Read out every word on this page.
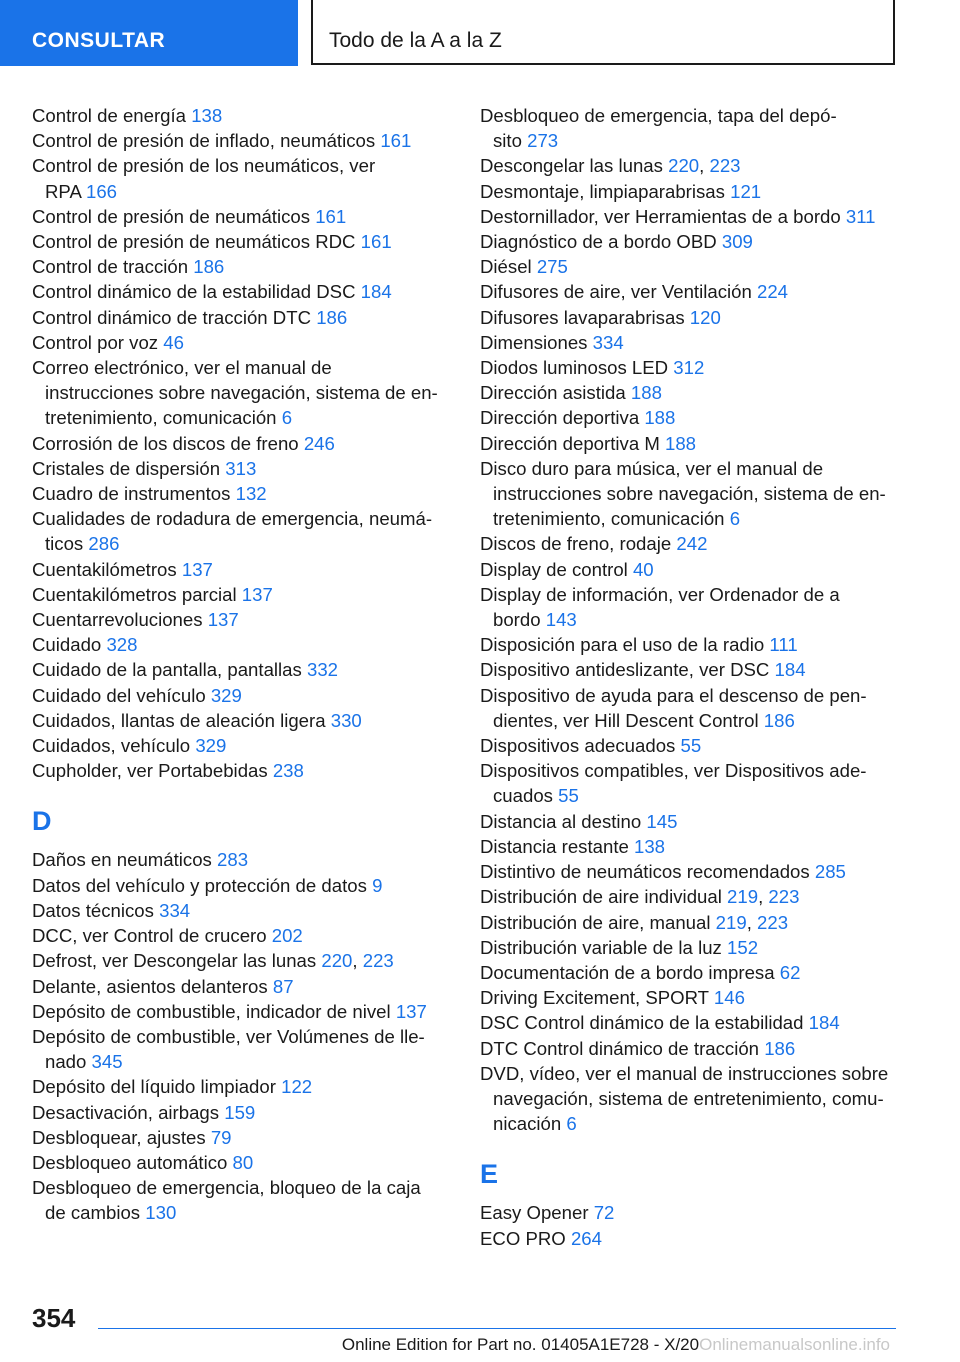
CONSULTAR	Todo de la A a la Z
Control de energía 138
Control de presión de inflado, neumáticos 161
Control de presión de los neumáticos, ver
RPA 166
Control de presión de neumáticos 161
Control de presión de neumáticos RDC 161
Control de tracción 186
Control dinámico de la estabilidad DSC 184
Control dinámico de tracción DTC 186
Control por voz 46
Correo electrónico, ver el manual de
instrucciones sobre navegación, sistema de en-
tretenimiento, comunicación 6
Corrosión de los discos de freno 246
Cristales de dispersión 313
Cuadro de instrumentos 132
Cualidades de rodadura de emergencia, neumá-
ticos 286
Cuentakilómetros 137
Cuentakilómetros parcial 137
Cuentarrevoluciones 137
Cuidado 328
Cuidado de la pantalla, pantallas 332
Cuidado del vehículo 329
Cuidados, llantas de aleación ligera 330
Cuidados, vehículo 329
Cupholder, ver Portabebidas 238
D
Daños en neumáticos 283
Datos del vehículo y protección de datos 9
Datos técnicos 334
DCC, ver Control de crucero 202
Defrost, ver Descongelar las lunas 220, 223
Delante, asientos delanteros 87
Depósito de combustible, indicador de nivel 137
Depósito de combustible, ver Volúmenes de lle-
nado 345
Depósito del líquido limpiador 122
Desactivación, airbags 159
Desbloquear, ajustes 79
Desbloqueo automático 80
Desbloqueo de emergencia, bloqueo de la caja
de cambios 130
Desbloqueo de emergencia, tapa del depó-
sito 273
Descongelar las lunas 220, 223
Desmontaje, limpiaparabrisas 121
Destornillador, ver Herramientas de a bordo 311
Diagnóstico de a bordo OBD 309
Diésel 275
Difusores de aire, ver Ventilación 224
Difusores lavaparabrisas 120
Dimensiones 334
Diodos luminosos LED 312
Dirección asistida 188
Dirección deportiva 188
Dirección deportiva M 188
Disco duro para música, ver el manual de
instrucciones sobre navegación, sistema de en-
tretenimiento, comunicación 6
Discos de freno, rodaje 242
Display de control 40
Display de información, ver Ordenador de a
bordo 143
Disposición para el uso de la radio 111
Dispositivo antideslizante, ver DSC 184
Dispositivo de ayuda para el descenso de pen-
dientes, ver Hill Descent Control 186
Dispositivos adecuados 55
Dispositivos compatibles, ver Dispositivos ade-
cuados 55
Distancia al destino 145
Distancia restante 138
Distintivo de neumáticos recomendados 285
Distribución de aire individual 219, 223
Distribución de aire, manual 219, 223
Distribución variable de la luz 152
Documentación de a bordo impresa 62
Driving Excitement, SPORT 146
DSC Control dinámico de la estabilidad 184
DTC Control dinámico de tracción 186
DVD, vídeo, ver el manual de instrucciones sobre
navegación, sistema de entretenimiento, comu-
nicación 6
E
Easy Opener 72
ECO PRO 264
354
Online Edition for Part no. 01405A1E728 - X/20Onlinemanualsonline.info
